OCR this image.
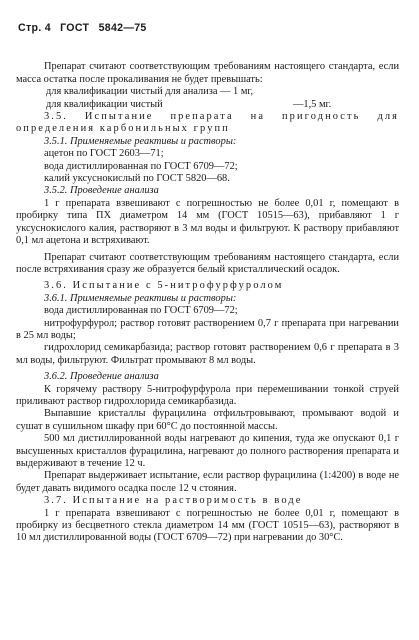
Стр. 4 ГОСТ 5842—75

Препарат считают соответствующим требованиям настоящего стандарта, если масса остатка после прокаливания не будет превышать:

для квалификации чистый для анализа — 1 мг,
для квалификации чистый	—1,5 мг.

3.5. Испытание препарата на пригодность для определения карбонильных групп

3.5.1. Применяемые реактивы и растворы:

ацетон по ГОСТ 2603—71;

вода дистиллированная по ГОСТ 6709—72;

калий уксуснокислый по ГОСТ 5820—68.

3.5.2. Проведение анализа

1 г препарата взвешивают с погрешностью не более 0,01 г, помещают в пробирку типа ПХ диаметром 14 мм (ГОСТ 10515—63), прибавляют 1 г уксуснокислого калия, растворяют в 3 мл воды и фильтруют. К раствору прибавляют 0,1 мл ацетона и встряхивают.

Препарат считают соответствующим требованиям настоящего стандарта, если после встряхивания сразу же образуется белый кристаллический осадок.

3.6. Испытание с 5-нитрофурфуролом

3.6.1. Применяемые реактивы и растворы:

вода дистиллированная по ГОСТ 6709—72;

нитрофурфурол; раствор готовят растворением 0,7 г препарата при нагревании в 25 мл воды;

гидрохлорид семикарбазида; раствор готовят растворением 0,6 г препарата в 3 мл воды, фильтруют. Фильтрат промывают 8 мл воды.

3.6.2. Проведение анализа

К горячему раствору 5-нитрофурфурола при перемешивании тонкой струей приливают раствор гидрохлорида семикарбазида.

Выпавшие кристаллы фурацилина отфильтровывают, промывают водой и сушат в сушильном шкафу при 60°С до постоянной массы.

500 мл дистиллированной воды нагревают до кипения, туда же опускают 0,1 г высушенных кристаллов фурацилина, нагревают до полного растворения препарата и выдерживают в течение 12 ч.

Препарат выдерживает испытание, если раствор фурацилина (1:4200) в воде не будет давать видимого осадка после 12 ч стояния.

3.7. Испытание на растворимость в воде

1 г препарата взвешивают с погрешностью не более 0,01 г, помещают в пробирку из бесцветного стекла диаметром 14 мм (ГОСТ 10515—63), растворяют в 10 мл дистиллированной воды (ГОСТ 6709—72) при нагревании до 30°С.
